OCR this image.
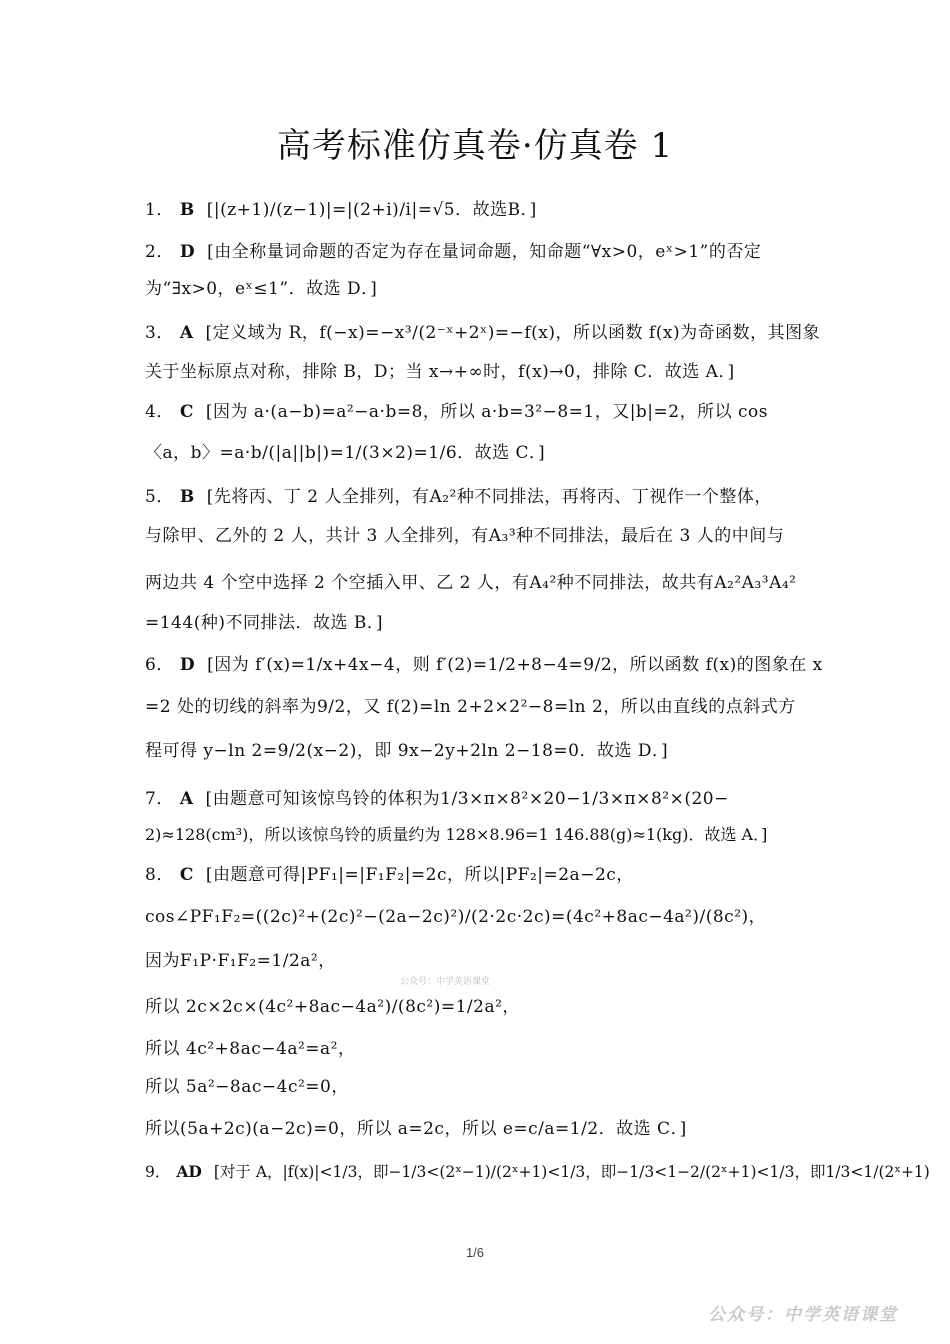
高考标准仿真卷·仿真卷 1
1． B [|(z+1)/(z−1)|=|(2+i)/i|=√5．故选B．]
2． D [由全称量词命题的否定为存在量词命题，知命题“∀x>0，eˣ>1”的否定
为“∃x>0，eˣ≤1”．故选 D．]
3． A [定义域为 R，f(−x)=−x³/(2⁻ˣ+2ˣ)=−f(x)，所以函数 f(x)为奇函数，其图象
关于坐标原点对称，排除 B，D；当 x→+∞时，f(x)→0，排除 C．故选 A．]
4． C [因为 a·(a−b)=a²−a·b=8，所以 a·b=3²−8=1，又|b|=2，所以 cos
〈a，b〉=a·b/(|a||b|)=1/(3×2)=1/6．故选 C．]
5． B [先将丙、丁 2 人全排列，有A₂²种不同排法，再将丙、丁视作一个整体，
与除甲、乙外的 2 人，共计 3 人全排列，有A₃³种不同排法，最后在 3 人的中间与
两边共 4 个空中选择 2 个空插入甲、乙 2 人，有A₄²种不同排法，故共有A₂²A₃³A₄²
=144(种)不同排法．故选 B．]
6． D [因为 f′(x)=1/x+4x−4，则 f′(2)=1/2+8−4=9/2，所以函数 f(x)的图象在 x
=2 处的切线的斜率为9/2，又 f(2)=ln 2+2×2²−8=ln 2，所以由直线的点斜式方
程可得 y−ln 2=9/2(x−2)，即 9x−2y+2ln 2−18=0．故选 D．]
7． A [由题意可知该惊鸟铃的体积为1/3×π×8²×20−1/3×π×8²×(20−
2)≈128(cm³)，所以该惊鸟铃的质量约为 128×8.96=1 146.88(g)≈1(kg)．故选 A．]
8． C [由题意可得|PF₁|=|F₁F₂|=2c，所以|PF₂|=2a−2c，
cos∠PF₁F₂=((2c)²+(2c)²−(2a−2c)²)/(2·2c·2c)=(4c²+8ac−4a²)/(8c²)，
因为F₁P·F₁F₂=1/2a²，
所以 2c×2c×(4c²+8ac−4a²)/(8c²)=1/2a²，
所以 4c²+8ac−4a²=a²，
所以 5a²−8ac−4c²=0，
所以(5a+2c)(a−2c)=0，所以 a=2c，所以 e=c/a=1/2．故选 C．]
9． AD [对于 A，|f(x)|<1/3，即−1/3<(2ˣ−1)/(2ˣ+1)<1/3，即−1/3<1−2/(2ˣ+1)<1/3，即1/3<1/(2ˣ+1)
公众号：中学英语课堂
1/6
公众号：中学英语课堂
